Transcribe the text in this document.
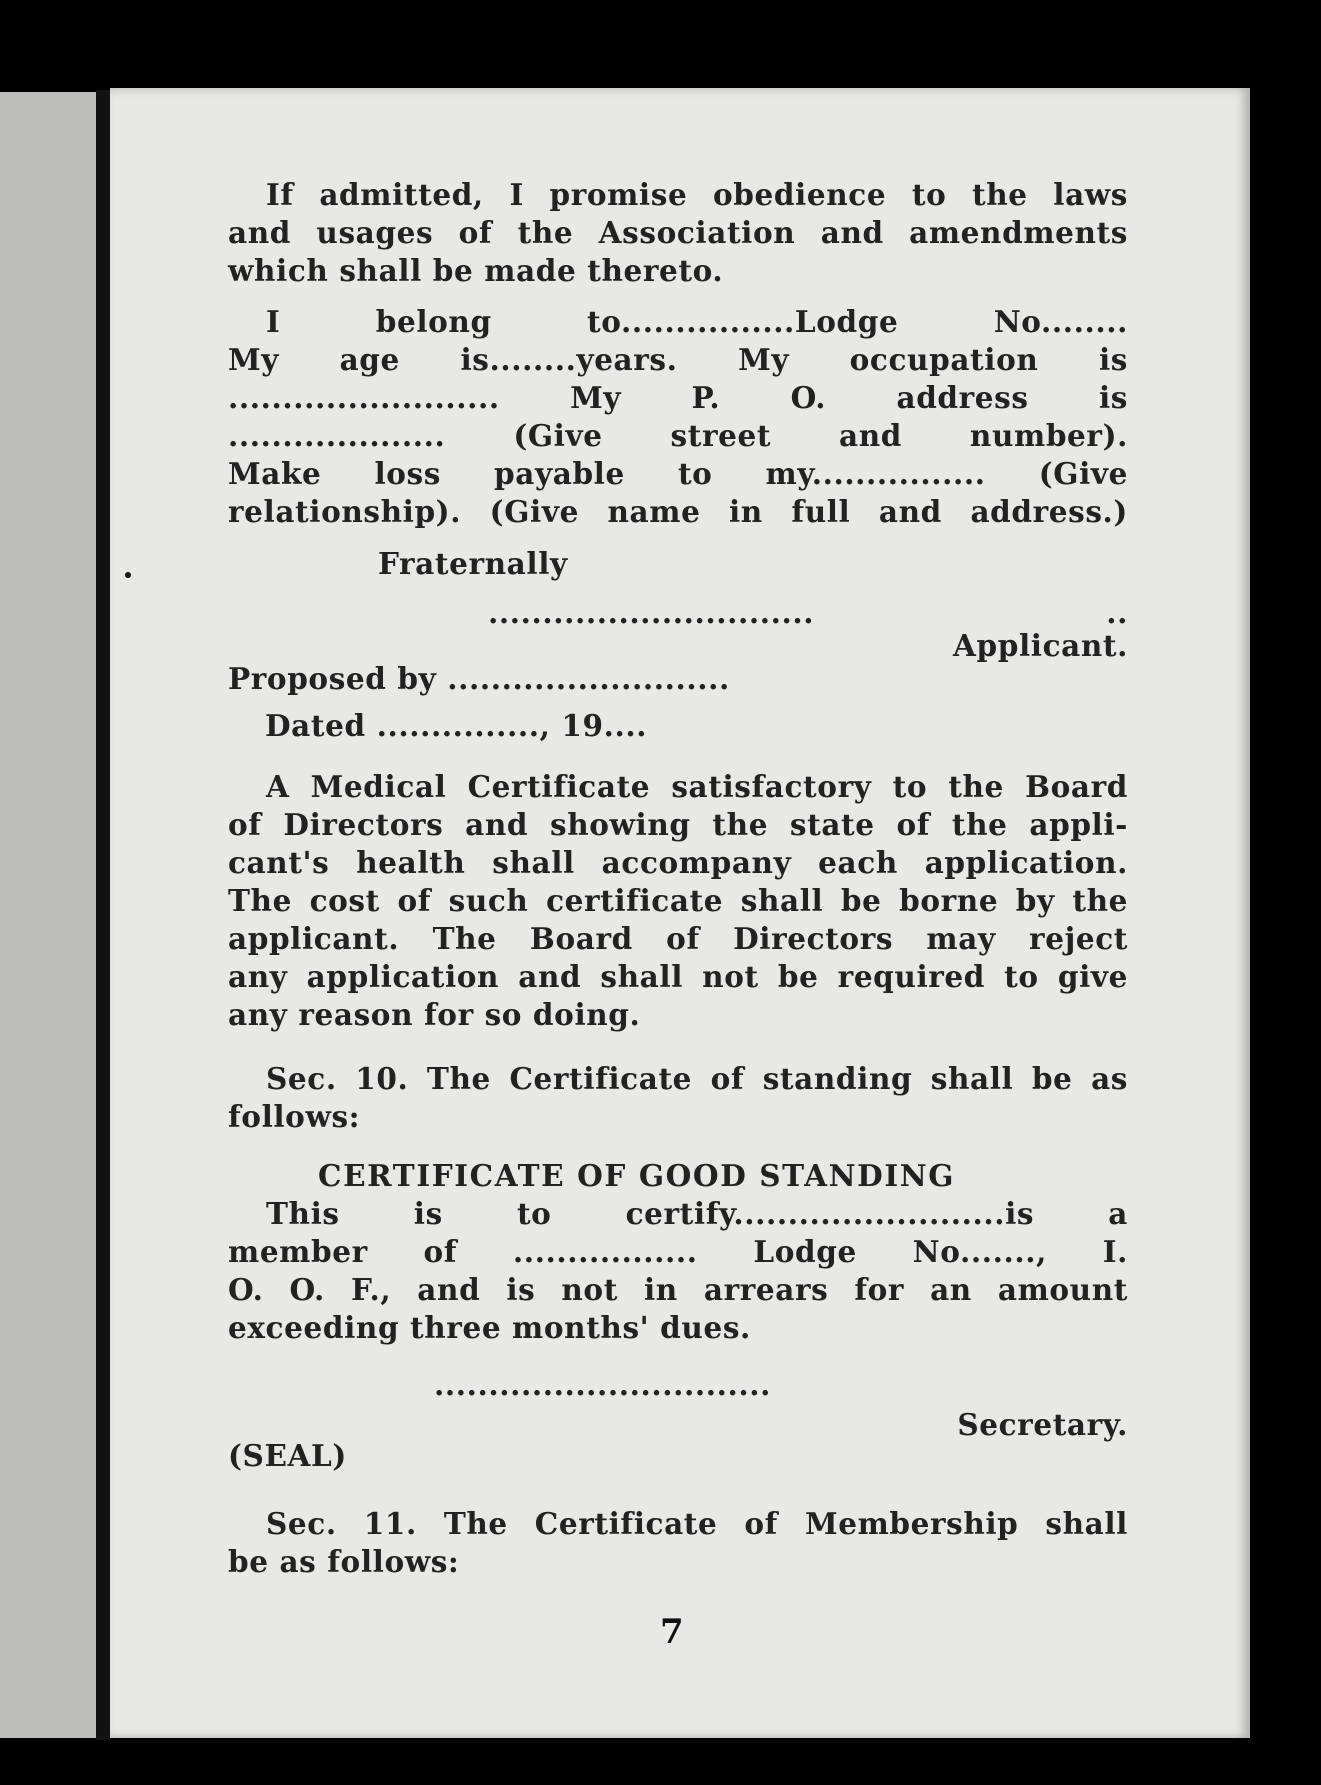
If admitted, I promise obedience to the laws
and usages of the Association and amendments
which shall be made thereto.
I belong to................Lodge No........
My age is........years. My occupation is
......................... My P. O. address is
.................... (Give street and number).
Make loss payable to my................ (Give
relationship). (Give name in full and address.)
Fraternally
.............................. ..
Applicant.
Proposed by ..........................
Dated ..............., 19....
A Medical Certificate satisfactory to the Board
of Directors and showing the state of the appli-
cant's health shall accompany each application.
The cost of such certificate shall be borne by the
applicant. The Board of Directors may reject
any application and shall not be required to give
any reason for so doing.
Sec. 10. The Certificate of standing shall be as
follows:
CERTIFICATE OF GOOD STANDING
This is to certify.........................is a
member of ................. Lodge No......., I.
O. O. F., and is not in arrears for an amount
exceeding three months' dues.
...............................
Secretary.
(SEAL)
Sec. 11. The Certificate of Membership shall
be as follows:
7
